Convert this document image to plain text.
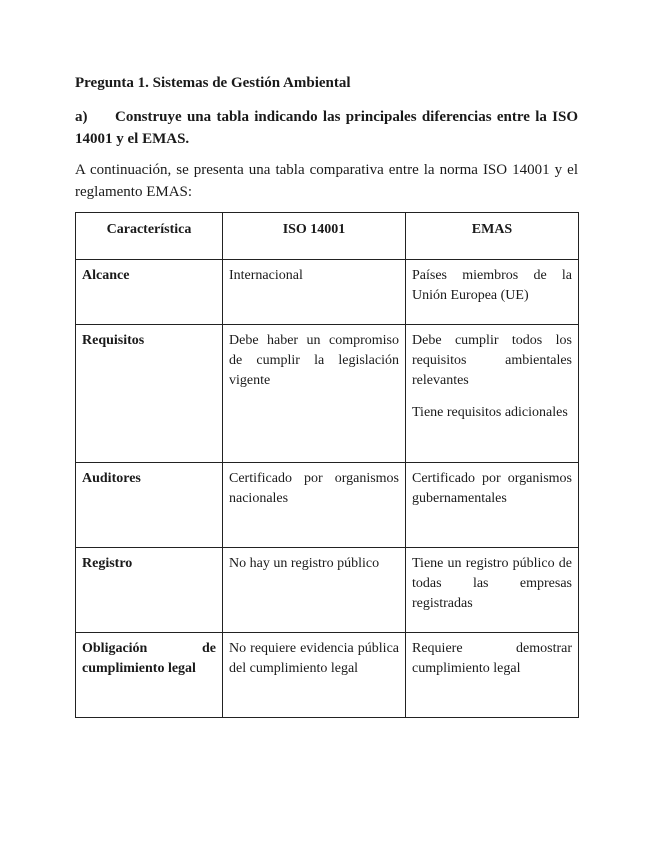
Pregunta 1. Sistemas de Gestión Ambiental

a) Construye una tabla indicando las principales diferencias entre la ISO 14001 y el EMAS.

A continuación, se presenta una tabla comparativa entre la norma ISO 14001 y el reglamento EMAS:

Característica	ISO 14001	EMAS
Alcance	Internacional	Países miembros de la Unión Europea (UE)

Requisitos	Debe haber un compromiso de cumplir la legislación vigente	Debe cumplir todos los requisitos ambientales relevantes
Tiene requisitos adicionales

Auditores	Certificado por organismos nacionales	Certificado por organismos gubernamentales

Registro	No hay un registro público	Tiene un registro público de todas las empresas registradas

Obligación de cumplimiento legal	No requiere evidencia pública del cumplimiento legal	Requiere demostrar cumplimiento legal
